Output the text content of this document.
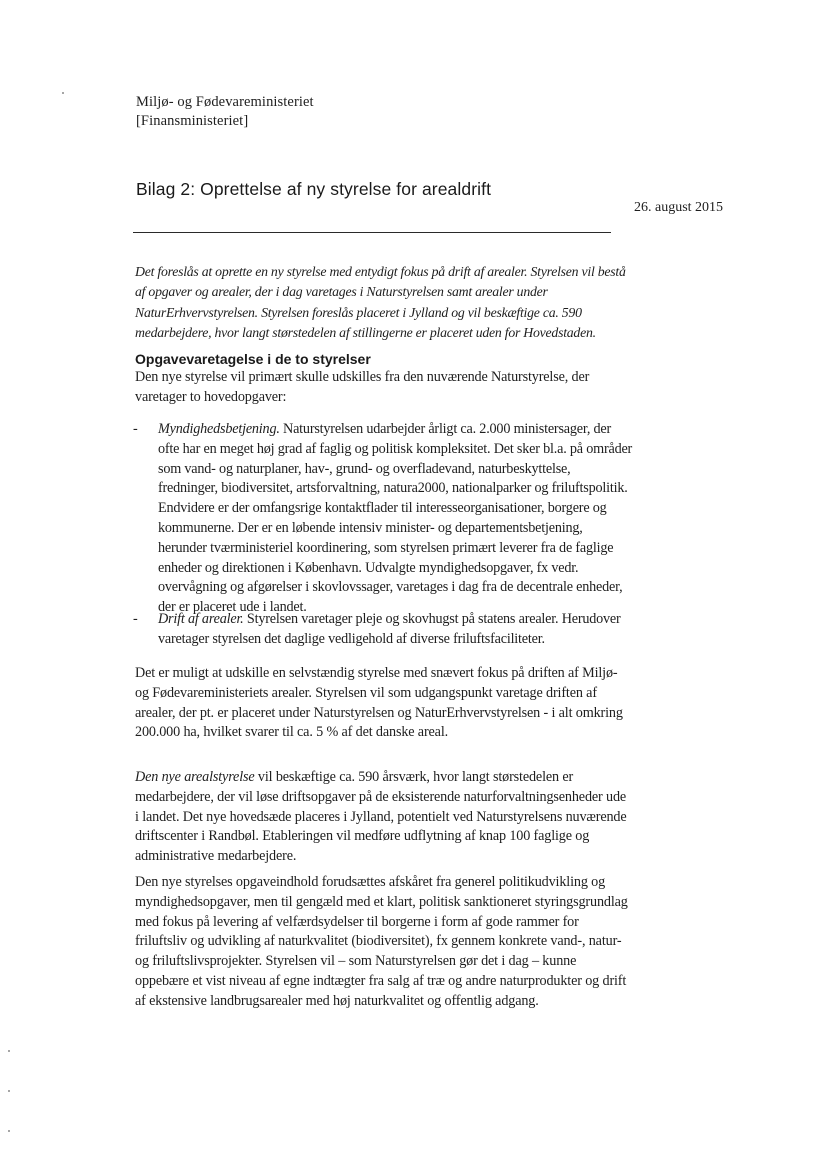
Miljø- og Fødevareministeriet
[Finansministeriet]
Bilag 2: Oprettelse af ny styrelse for arealdrift
26. august 2015

Det foreslås at oprette en ny styrelse med entydigt fokus på drift af arealer. Styrelsen vil bestå af opgaver og arealer, der i dag varetages i Naturstyrelsen samt arealer under NaturErhvervstyrelsen. Styrelsen foreslås placeret i Jylland og vil beskæftige ca. 590 medarbejdere, hvor langt størstedelen af stillingerne er placeret uden for Hovedstaden.

Opgavevaretagelse i de to styrelser

Den nye styrelse vil primært skulle udskilles fra den nuværende Naturstyrelse, der varetager to hovedopgaver:

- Myndighedsbetjening. Naturstyrelsen udarbejder årligt ca. 2.000 ministersager, der ofte har en meget høj grad af faglig og politisk kompleksitet. Det sker bl.a. på områder som vand- og naturplaner, hav-, grund- og overfladevand, naturbeskyttelse, fredninger, biodiversitet, artsforvaltning, natura2000, nationalparker og friluftspolitik. Endvidere er der omfangsrige kontaktflader til interesseorganisationer, borgere og kommunerne. Der er en løbende intensiv minister- og departementsbetjening, herunder tværministeriel koordinering, som styrelsen primært leverer fra de faglige enheder og direktionen i København. Udvalgte myndighedsopgaver, fx vedr. overvågning og afgørelser i skovlovssager, varetages i dag fra de decentrale enheder, der er placeret ude i landet.

- Drift af arealer. Styrelsen varetager pleje og skovhugst på statens arealer. Herudover varetager styrelsen det daglige vedligehold af diverse friluftsfaciliteter.

Det er muligt at udskille en selvstændig styrelse med snævert fokus på driften af Miljø- og Fødevareministeriets arealer. Styrelsen vil som udgangspunkt varetage driften af arealer, der pt. er placeret under Naturstyrelsen og NaturErhvervstyrelsen - i alt omkring 200.000 ha, hvilket svarer til ca. 5 % af det danske areal.

Den nye arealstyrelse vil beskæftige ca. 590 årsværk, hvor langt størstedelen er medarbejdere, der vil løse driftsopgaver på de eksisterende naturforvaltningsenheder ude i landet. Det nye hovedsæde placeres i Jylland, potentielt ved Naturstyrelsens nuværende driftscenter i Randbøl. Etableringen vil medføre udflytning af knap 100 faglige og administrative medarbejdere.

Den nye styrelses opgaveindhold forudsættes afskåret fra generel politikudvikling og myndighedsopgaver, men til gengæld med et klart, politisk sanktioneret styringsgrundlag med fokus på levering af velfærdsydelser til borgerne i form af gode rammer for friluftsliv og udvikling af naturkvalitet (biodiversitet), fx gennem konkrete vand-, natur- og friluftslivsprojekter. Styrelsen vil – som Naturstyrelsen gør det i dag – kunne oppebære et vist niveau af egne indtægter fra salg af træ og andre naturprodukter og drift af ekstensive landbrugsarealer med høj naturkvalitet og offentlig adgang.
